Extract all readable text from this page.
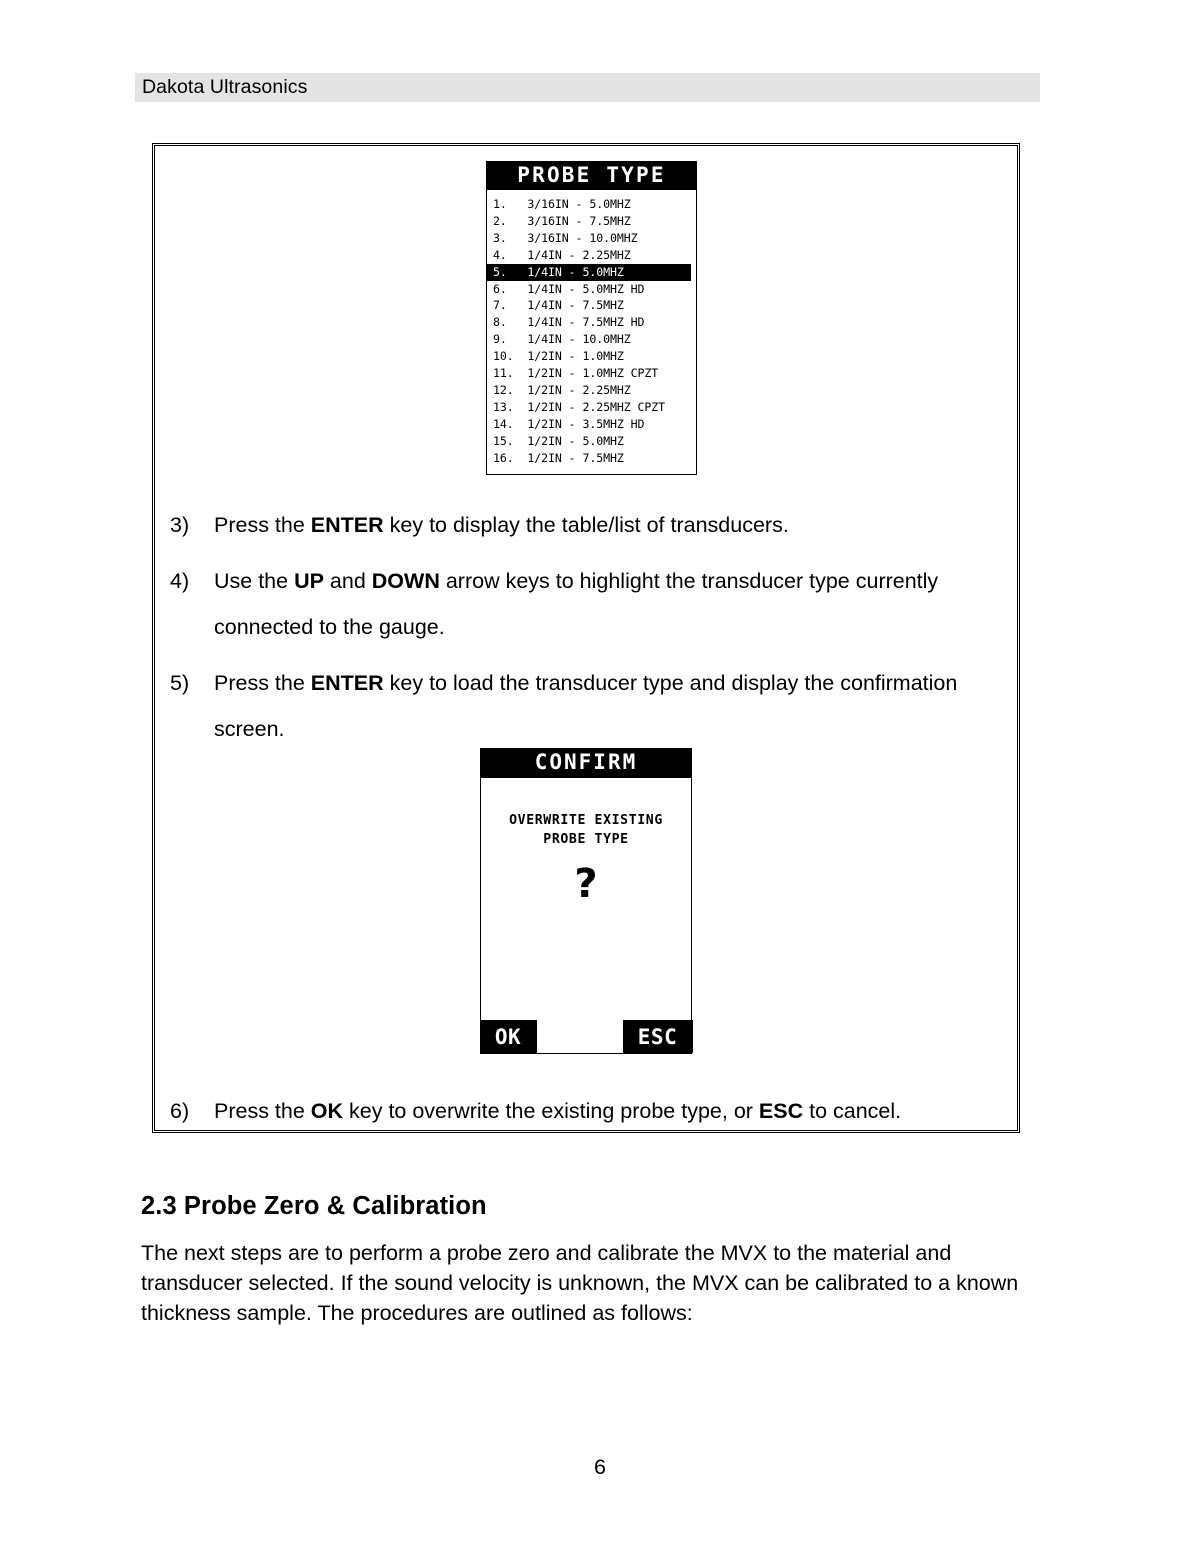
Dakota Ultrasonics
PROBE TYPE
1.   3/16IN - 5.0MHZ
2.   3/16IN - 7.5MHZ
3.   3/16IN - 10.0MHZ
4.   1/4IN - 2.25MHZ
5.   1/4IN - 5.0MHZ
6.   1/4IN - 5.0MHZ HD
7.   1/4IN - 7.5MHZ
8.   1/4IN - 7.5MHZ HD
9.   1/4IN - 10.0MHZ
10.  1/2IN - 1.0MHZ
11.  1/2IN - 1.0MHZ CPZT
12.  1/2IN - 2.25MHZ
13.  1/2IN - 2.25MHZ CPZT
14.  1/2IN - 3.5MHZ HD
15.  1/2IN - 5.0MHZ
16.  1/2IN - 7.5MHZ
3) Press the ENTER key to display the table/list of transducers.
4) Use the UP and DOWN arrow keys to highlight the transducer type currently connected to the gauge.
5) Press the ENTER key to load the transducer type and display the confirmation screen.
CONFIRM
OVERWRITE EXISTING
PROBE TYPE
?
OK	ESC
6) Press the OK key to overwrite the existing probe type, or ESC to cancel.
2.3 Probe Zero & Calibration
The next steps are to perform a probe zero and calibrate the MVX to the material and transducer selected. If the sound velocity is unknown, the MVX can be calibrated to a known thickness sample. The procedures are outlined as follows:
6
